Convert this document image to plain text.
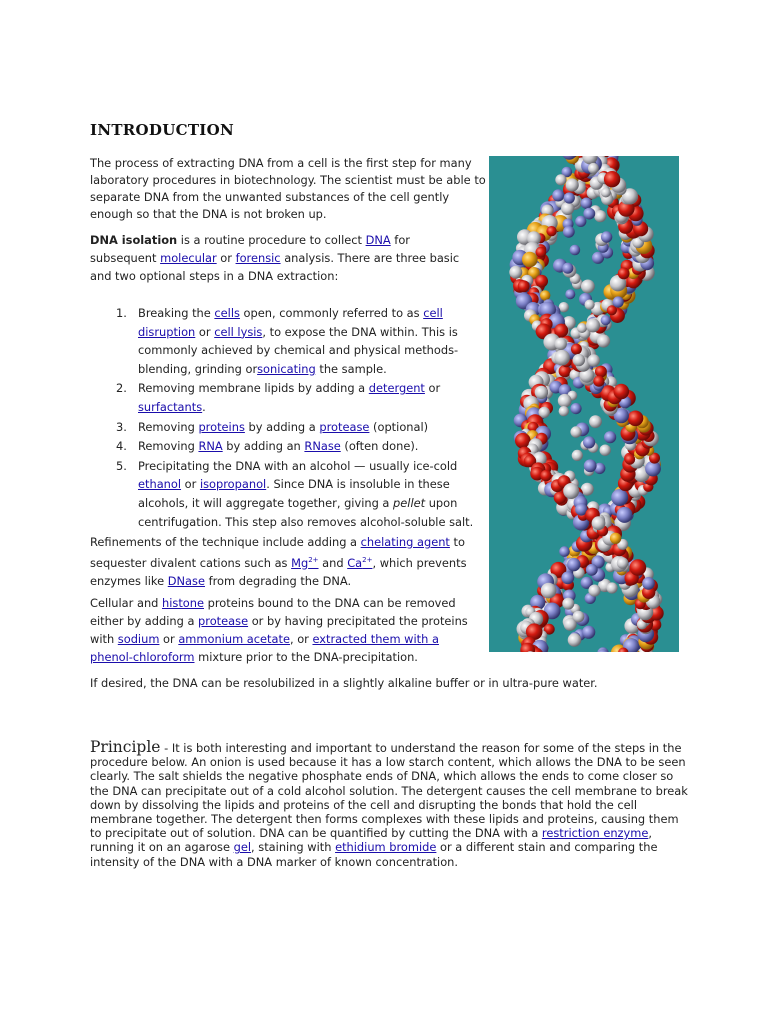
INTRODUCTION
The process of extracting DNA from a cell is the first step for many laboratory procedures in biotechnology. The scientist must be able to separate DNA from the unwanted substances of the cell gently enough so that the DNA is not broken up.
DNA isolation is a routine procedure to collect DNA for subsequent molecular or forensic analysis. There are three basic and two optional steps in a DNA extraction:
1. Breaking the cells open, commonly referred to as cell disruption or cell lysis, to expose the DNA within. This is commonly achieved by chemical and physical methods- blending, grinding orsonicating the sample.
2. Removing membrane lipids by adding a detergent or surfactants.
3. Removing proteins by adding a protease (optional)
4. Removing RNA by adding an RNase (often done).
5. Precipitating the DNA with an alcohol — usually ice-cold ethanol or isopropanol. Since DNA is insoluble in these alcohols, it will aggregate together, giving a pellet upon centrifugation. This step also removes alcohol-soluble salt.
Refinements of the technique include adding a chelating agent to sequester divalent cations such as $Mg^{2+}$ and $Ca^{2+}$, which prevents enzymes like DNase from degrading the DNA.
Cellular and histone proteins bound to the DNA can be removed either by adding a protease or by having precipitated the proteins with sodium or ammonium acetate, or extracted them with a phenol-chloroform mixture prior to the DNA-precipitation.
If desired, the DNA can be resolubilized in a slightly alkaline buffer or in ultra-pure water.
Principle - It is both interesting and important to understand the reason for some of the steps in the procedure below. An onion is used because it has a low starch content, which allows the DNA to be seen clearly. The salt shields the negative phosphate ends of DNA, which allows the ends to come closer so the DNA can precipitate out of a cold alcohol solution. The detergent causes the cell membrane to break down by dissolving the lipids and proteins of the cell and disrupting the bonds that hold the cell membrane together. The detergent then forms complexes with these lipids and proteins, causing them to precipitate out of solution. DNA can be quantified by cutting the DNA with a restriction enzyme, running it on an agarose gel, staining with ethidium bromide or a different stain and comparing the intensity of the DNA with a DNA marker of known concentration.
